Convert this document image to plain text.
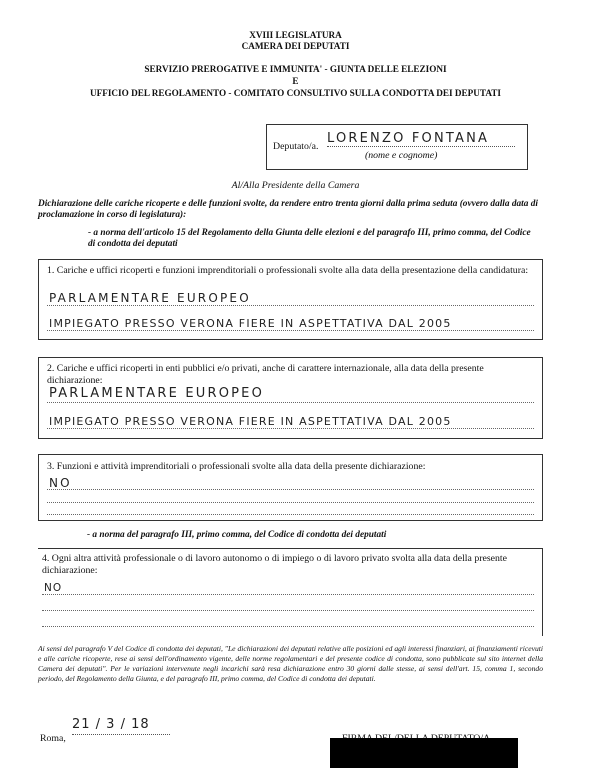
XVIII LEGISLATURA
CAMERA DEI DEPUTATI
SERVIZIO PREROGATIVE E IMMUNITA' - GIUNTA DELLE ELEZIONI
E
UFFICIO DEL REGOLAMENTO - COMITATO CONSULTIVO SULLA CONDOTTA DEI DEPUTATI
Deputato/a.
LORENZO FONTANA
(nome e cognome)
Al/Alla Presidente della Camera
Dichiarazione delle cariche ricoperte e delle funzioni svolte, da rendere entro trenta giorni dalla prima seduta (ovvero dalla data di proclamazione in corso di legislatura):
- a norma dell'articolo 15 del Regolamento della Giunta delle elezioni e del paragrafo III, primo comma, del Codice di condotta dei deputati
1. Cariche e uffici ricoperti e funzioni imprenditoriali o professionali svolte alla data della presentazione della candidatura:
PARLAMENTARE EUROPEO
IMPIEGATO PRESSO VERONA FIERE IN ASPETTATIVA DAL 2005
2. Cariche e uffici ricoperti in enti pubblici e/o privati, anche di carattere internazionale, alla data della presente dichiarazione:
PARLAMENTARE EUROPEO
IMPIEGATO PRESSO VERONA FIERE IN ASPETTATIVA DAL 2005
3. Funzioni e attività imprenditoriali o professionali svolte alla data della presente dichiarazione:
NO
- a norma del paragrafo III, primo comma, del Codice di condotta dei deputati
4. Ogni altra attività professionale o di lavoro autonomo o di impiego o di lavoro privato svolta alla data della presente dichiarazione:
NO
Ai sensi del paragrafo V del Codice di condotta dei deputati, "Le dichiarazioni dei deputati relative alle posizioni ed agli interessi finanziari, ai finanziamenti ricevuti e alle cariche ricoperte, rese ai sensi dell'ordinamento vigente, delle norme regolamentari e del presente codice di condotta, sono pubblicate sul sito internet della Camera dei deputati". Per le variazioni intervenute negli incarichi sarà resa dichiarazione entro 30 giorni dalle stesse, ai sensi dell'art. 15, comma 1, secondo periodo, del Regolamento della Giunta, e del paragrafo III, primo comma, del Codice di condotta dei deputati.
Roma,
21 / 3 / 18
